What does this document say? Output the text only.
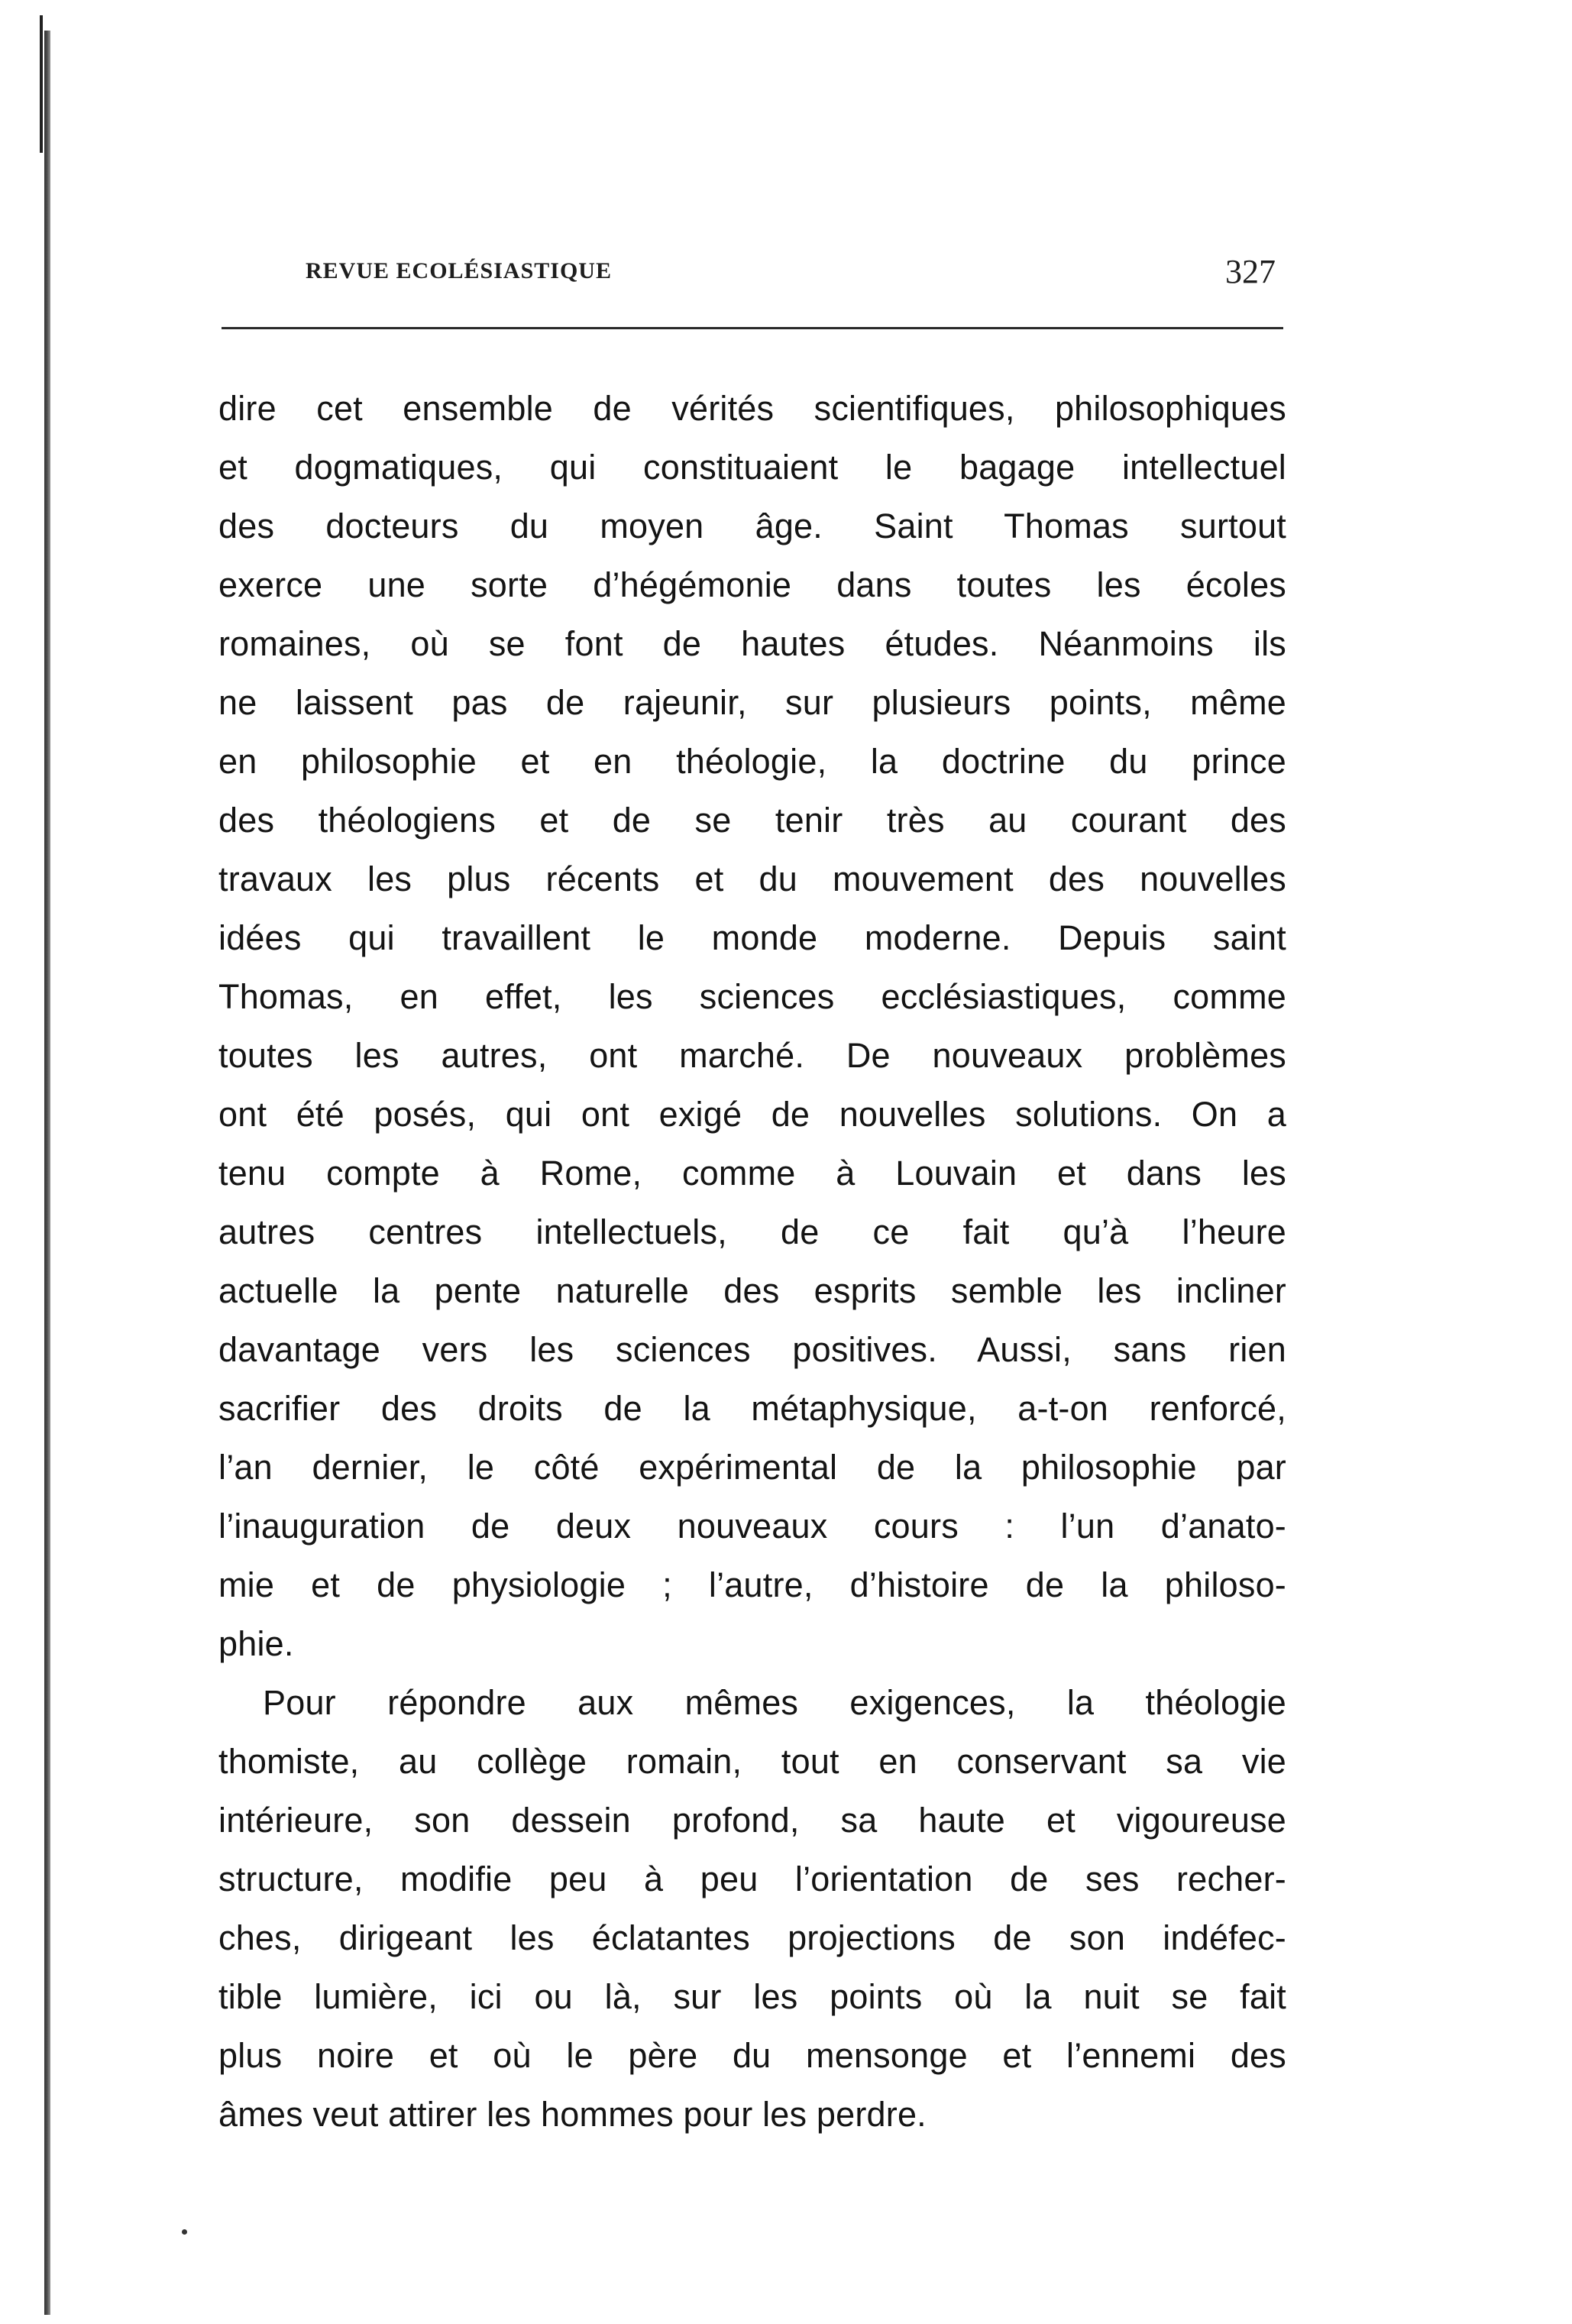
REVUE ECOLÉSIASTIQUE	327
dire cet ensemble de vérités scientifiques, philosophiques
et dogmatiques, qui constituaient le bagage intellectuel
des docteurs du moyen âge. Saint Thomas surtout
exerce une sorte d’hégémonie dans toutes les écoles
romaines, où se font de hautes études. Néanmoins ils
ne laissent pas de rajeunir, sur plusieurs points, même
en philosophie et en théologie, la doctrine du prince
des théologiens et de se tenir très au courant des
travaux les plus récents et du mouvement des nouvelles
idées qui travaillent le monde moderne. Depuis saint
Thomas, en effet, les sciences ecclésiastiques, comme
toutes les autres, ont marché. De nouveaux problèmes
ont été posés, qui ont exigé de nouvelles solutions. On a
tenu compte à Rome, comme à Louvain et dans les
autres centres intellectuels, de ce fait qu’à l’heure
actuelle la pente naturelle des esprits semble les incliner
davantage vers les sciences positives. Aussi, sans rien
sacrifier des droits de la métaphysique, a-t-on renforcé,
l’an dernier, le côté expérimental de la philosophie par
l’inauguration de deux nouveaux cours : l’un d’anato-
mie et de physiologie ; l’autre, d’histoire de la philoso-
phie.
Pour répondre aux mêmes exigences, la théologie
thomiste, au collège romain, tout en conservant sa vie
intérieure, son dessein profond, sa haute et vigoureuse
structure, modifie peu à peu l’orientation de ses recher-
ches, dirigeant les éclatantes projections de son indéfec-
tible lumière, ici ou là, sur les points où la nuit se fait
plus noire et où le père du mensonge et l’ennemi des
âmes veut attirer les hommes pour les perdre.
